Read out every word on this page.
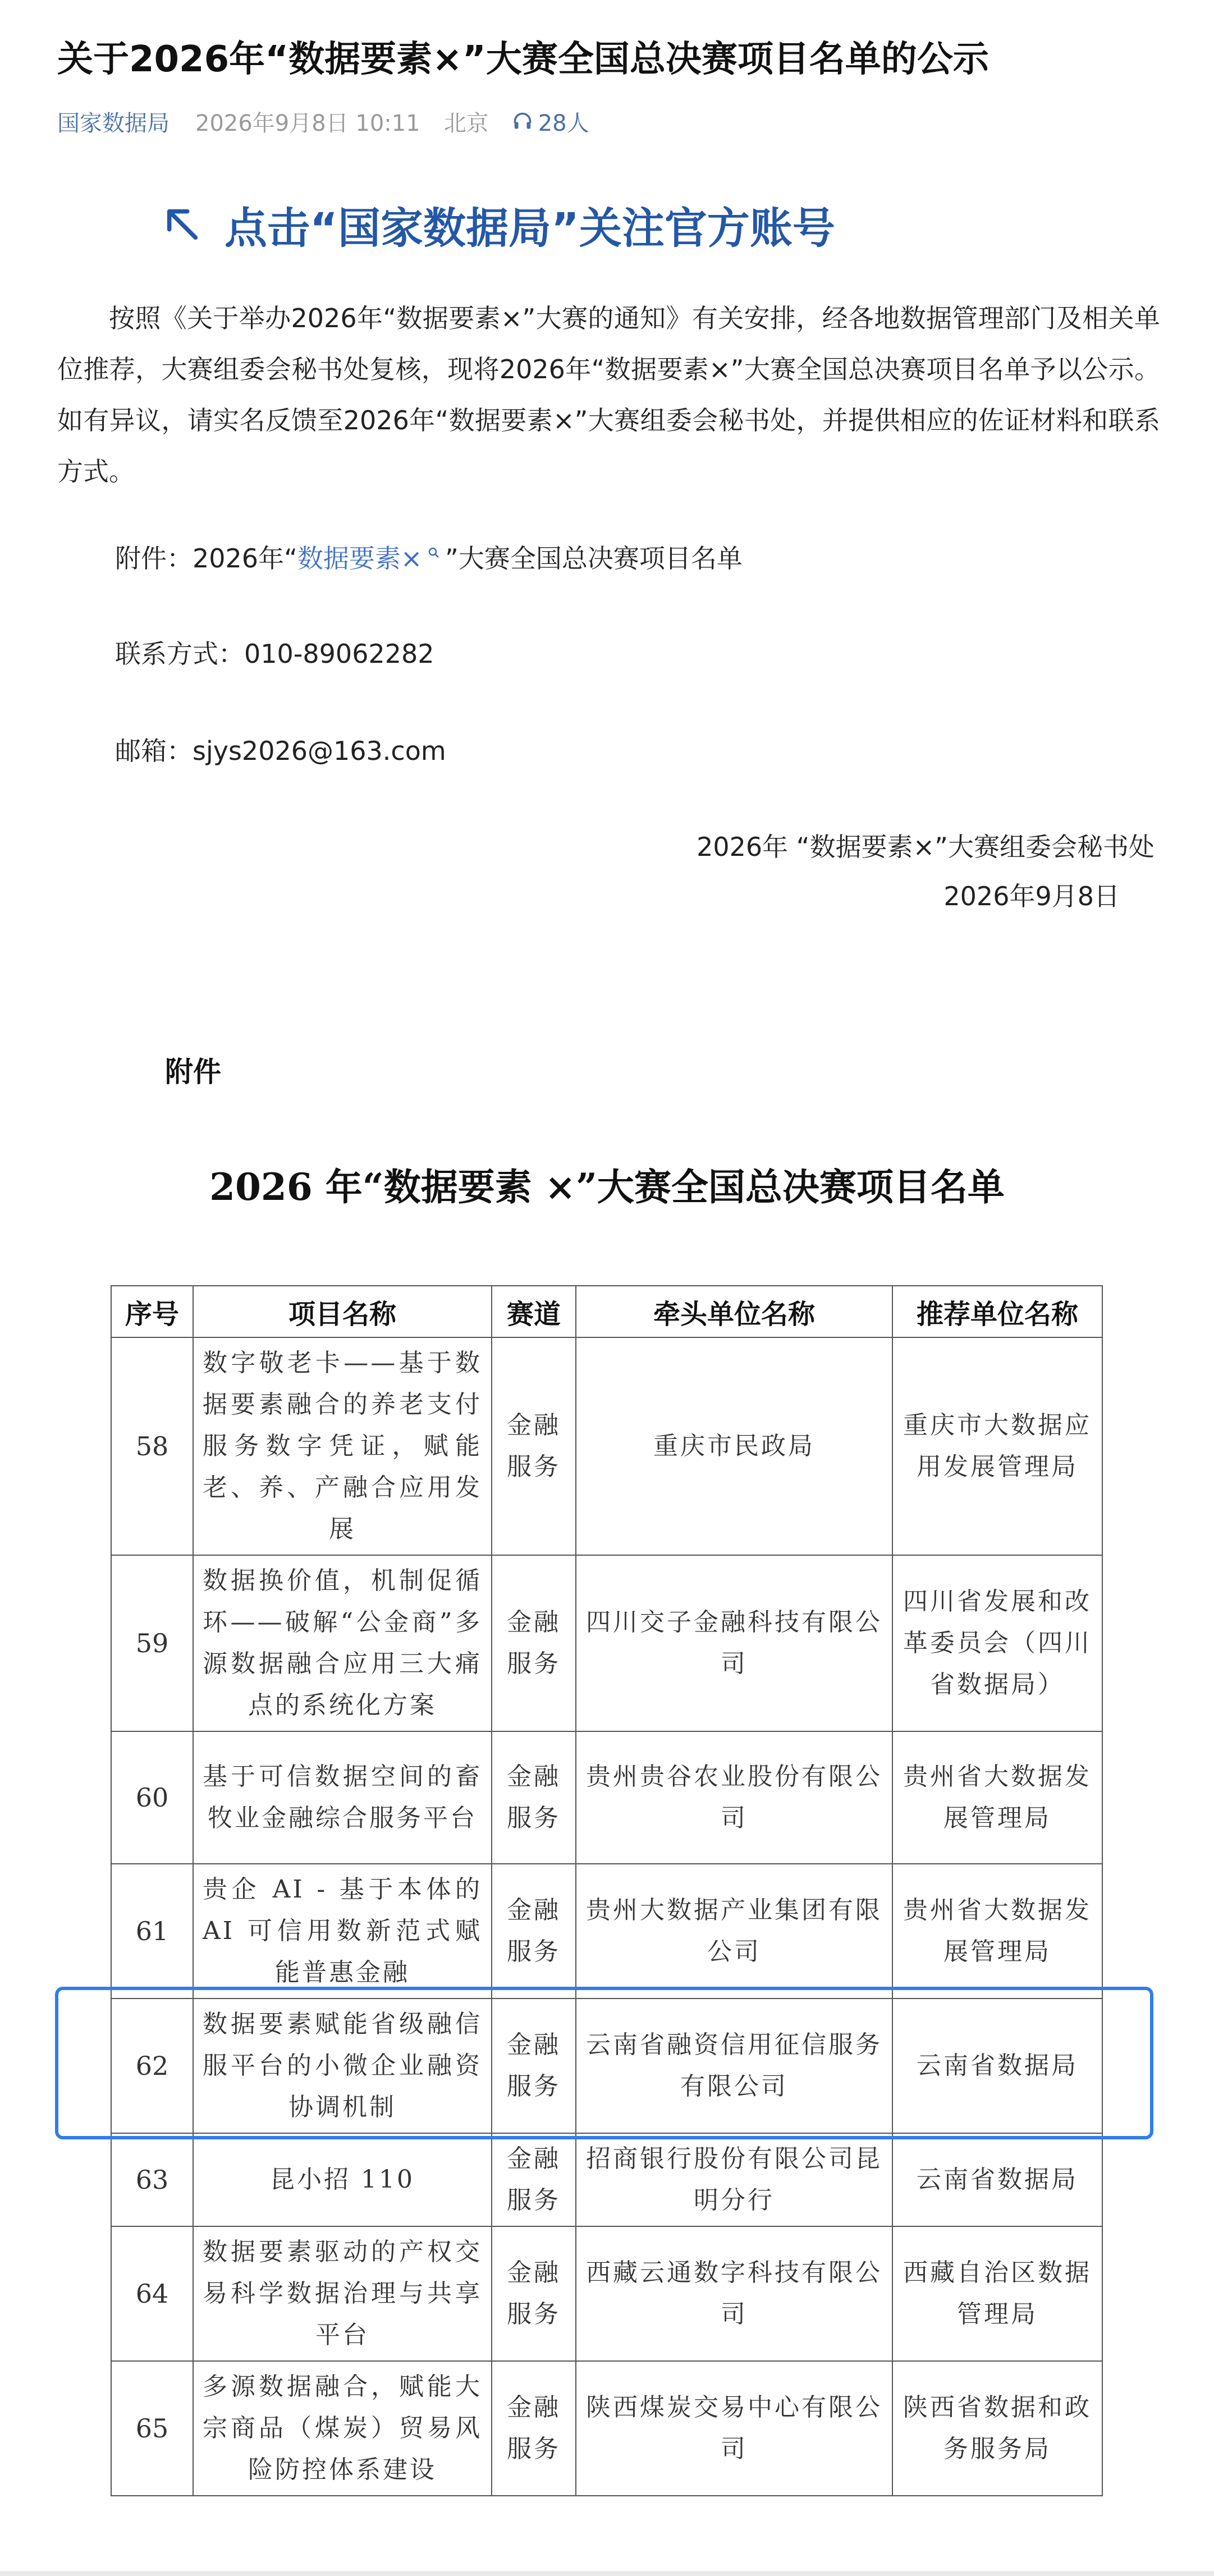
关于2026年“数据要素×”大赛全国总决赛项目名单的公示
国家数据局 2026年9月8日 10:11 北京 28人
点击“国家数据局”关注官方账号
按照《关于举办2026年“数据要素×”大赛的通知》有关安排，经各地数据管理部门及相关单位推荐，大赛组委会秘书处复核，现将2026年“数据要素×”大赛全国总决赛项目名单予以公示。如有异议，请实名反馈至2026年“数据要素×”大赛组委会秘书处，并提供相应的佐证材料和联系方式。
附件：2026年“数据要素× ”大赛全国总决赛项目名单
联系方式：010-89062282
邮箱：sjys2026@163.com
2026年 “数据要素×”大赛组委会秘书处
2026年9月8日
附件
2026 年“数据要素 ×”大赛全国总决赛项目名单
序号	项目名称	赛道	牵头单位名称	推荐单位名称
58	数字敬老卡——基于数据要素融合的养老支付服务数字凭证，赋能老、养、产融合应用发展	金融服务	重庆市民政局	重庆市大数据应用发展管理局
59	数据换价值，机制促循环——破解“公金商”多源数据融合应用三大痛点的系统化方案	金融服务	四川交子金融科技有限公司	四川省发展和改革委员会（四川省数据局）
60	基于可信数据空间的畜牧业金融综合服务平台	金融服务	贵州贵谷农业股份有限公司	贵州省大数据发展管理局
61	贵企 AI - 基于本体的 AI 可信用数新范式赋能普惠金融	金融服务	贵州大数据产业集团有限公司	贵州省大数据发展管理局
62	数据要素赋能省级融信服平台的小微企业融资协调机制	金融服务	云南省融资信用征信服务有限公司	云南省数据局
63	昆小招 110	金融服务	招商银行股份有限公司昆明分行	云南省数据局
64	数据要素驱动的产权交易科学数据治理与共享平台	金融服务	西藏云通数字科技有限公司	西藏自治区数据管理局
65	多源数据融合，赋能大宗商品（煤炭）贸易风险防控体系建设	金融服务	陕西煤炭交易中心有限公司	陕西省数据和政务服务局
